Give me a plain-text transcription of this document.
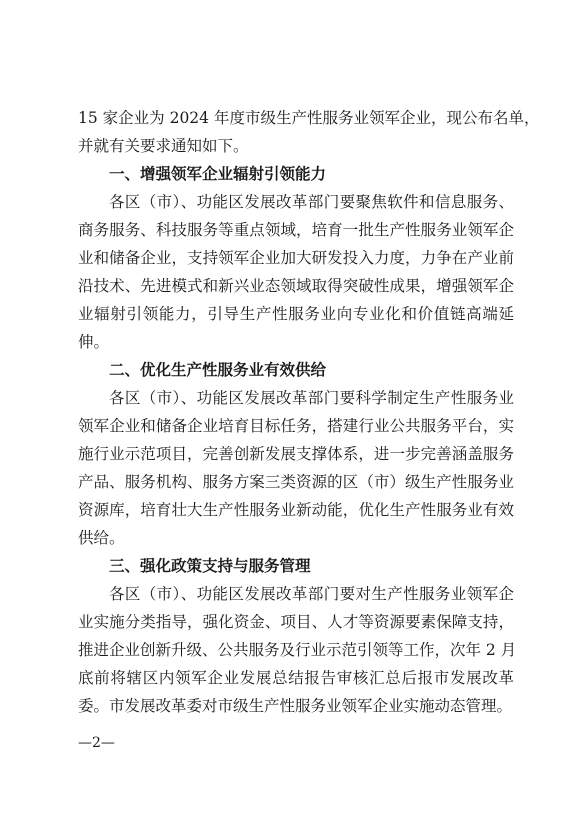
15 家企业为 2024 年度市级生产性服务业领军企业，现公布名单，
并就有关要求通知如下。
一、增强领军企业辐射引领能力
各区（市）、功能区发展改革部门要聚焦软件和信息服务、
商务服务、科技服务等重点领域，培育一批生产性服务业领军企
业和储备企业，支持领军企业加大研发投入力度，力争在产业前
沿技术、先进模式和新兴业态领域取得突破性成果，增强领军企
业辐射引领能力，引导生产性服务业向专业化和价值链高端延
伸。
二、优化生产性服务业有效供给
各区（市）、功能区发展改革部门要科学制定生产性服务业
领军企业和储备企业培育目标任务，搭建行业公共服务平台，实
施行业示范项目，完善创新发展支撑体系，进一步完善涵盖服务
产品、服务机构、服务方案三类资源的区（市）级生产性服务业
资源库，培育壮大生产性服务业新动能，优化生产性服务业有效
供给。
三、强化政策支持与服务管理
各区（市）、功能区发展改革部门要对生产性服务业领军企
业实施分类指导，强化资金、项目、人才等资源要素保障支持，
推进企业创新升级、公共服务及行业示范引领等工作，次年 2 月
底前将辖区内领军企业发展总结报告审核汇总后报市发展改革
委。市发展改革委对市级生产性服务业领军企业实施动态管理。
—2—
